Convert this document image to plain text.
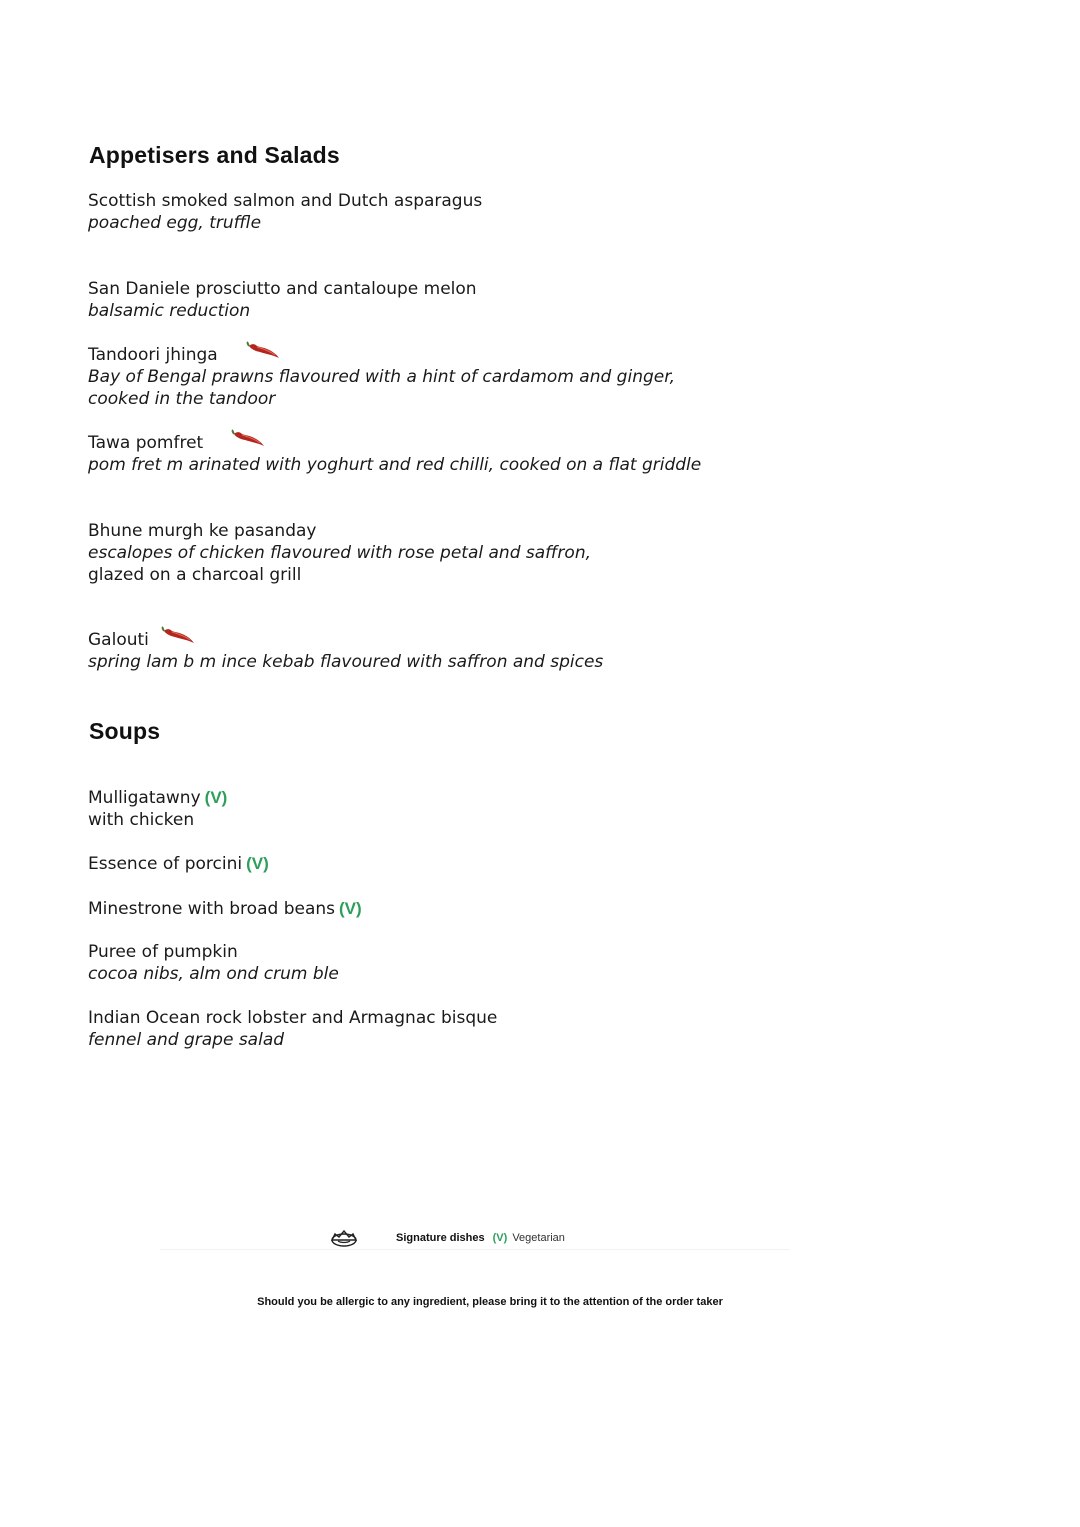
Appetisers and Salads
Scottish smoked salmon and Dutch asparagus
poached egg, truffle
San Daniele prosciutto and cantaloupe melon
balsamic reduction
Tandoori jhinga
Bay of Bengal prawns flavoured with a hint of cardamom and ginger,
cooked in the tandoor
Tawa pomfret
pom fret m arinated with yoghurt and red chilli, cooked on a flat griddle
Bhune murgh ke pasanday
escalopes of chicken flavoured with rose petal and saffron,
glazed on a charcoal grill
Galouti
spring lam b m ince kebab flavoured with saffron and spices
Soups
Mulligatawny (V)
with chicken
Essence of porcini (V)
Minestrone with broad beans (V)
Puree of pumpkin
cocoa nibs, alm ond crum ble
Indian Ocean rock lobster and Armagnac bisque
fennel and grape salad
Signature dishes (V) Vegetarian
Should you be allergic to any ingredient, please bring it to the attention of the order taker
